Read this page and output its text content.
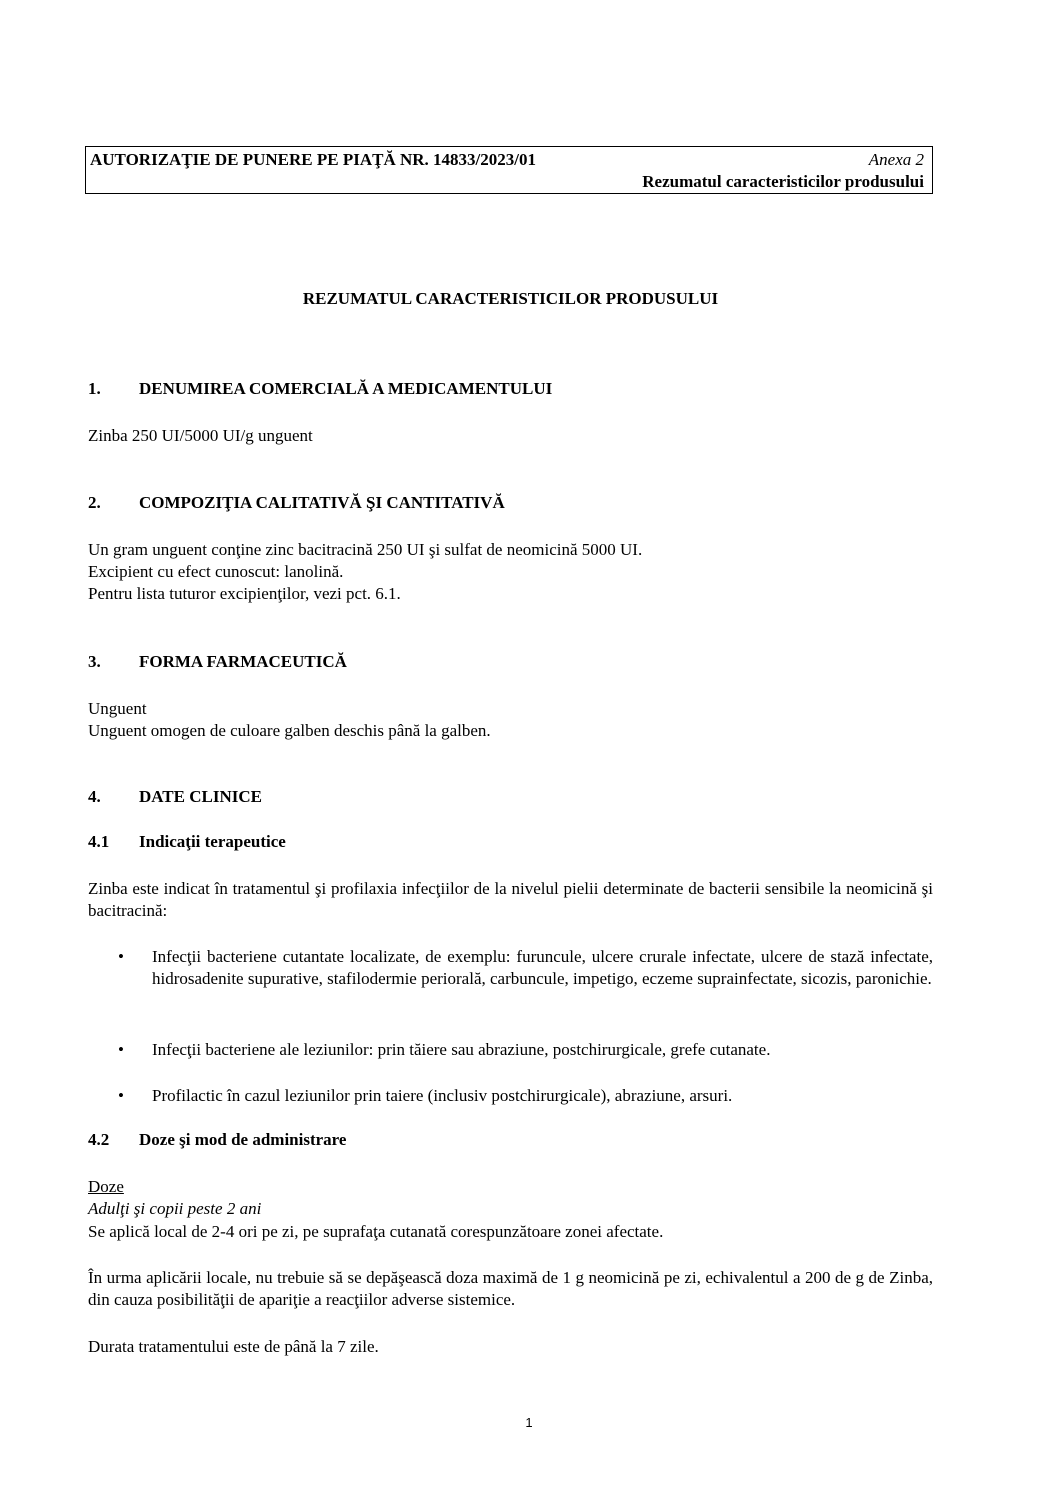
AUTORIZAŢIE DE PUNERE PE PIAŢĂ NR. 14833/2023/01	Anexa 2
Rezumatul caracteristicilor produsului
REZUMATUL CARACTERISTICILOR PRODUSULUI
1.	DENUMIREA COMERCIALĂ A MEDICAMENTULUI

Zinba 250 UI/5000 UI/g unguent

2.	COMPOZIŢIA CALITATIVĂ ŞI CANTITATIVĂ
Un gram unguent conţine zinc bacitracină 250 UI şi sulfat de neomicină 5000 UI.
Excipient cu efect cunoscut: lanolină.
Pentru lista tuturor excipienţilor, vezi pct. 6.1.
3.	FORMA FARMACEUTICĂ
Unguent
Unguent omogen de culoare galben deschis până la galben.
4.	DATE CLINICE
4.1	Indicaţii terapeutice

Zinba este indicat în tratamentul şi profilaxia infecţiilor de la nivelul pielii determinate de bacterii sensibile la neomicină şi bacitracină:

•	Infecţii bacteriene cutantate localizate, de exemplu: furuncule, ulcere crurale infectate, ulcere de stază infectate, hidrosadenite supurative, stafilodermie periorală, carbuncule, impetigo, eczeme suprainfectate, sicozis, paronichie.
•	Infecţii bacteriene ale leziunilor: prin tăiere sau abraziune, postchirurgicale, grefe cutanate.
•	Profilactic în cazul leziunilor prin taiere (inclusiv postchirurgicale), abraziune, arsuri.
4.2	Doze şi mod de administrare
Doze
Adulţi şi copii peste 2 ani
Se aplică local de 2-4 ori pe zi, pe suprafaţa cutanată corespunzătoare zonei afectate.

În urma aplicării locale, nu trebuie să se depăşească doza maximă de 1 g neomicină pe zi, echivalentul a 200 de g de Zinba, din cauza posibilităţii de apariţie a reacţiilor adverse sistemice.

Durata tratamentului este de până la 7 zile.
1
